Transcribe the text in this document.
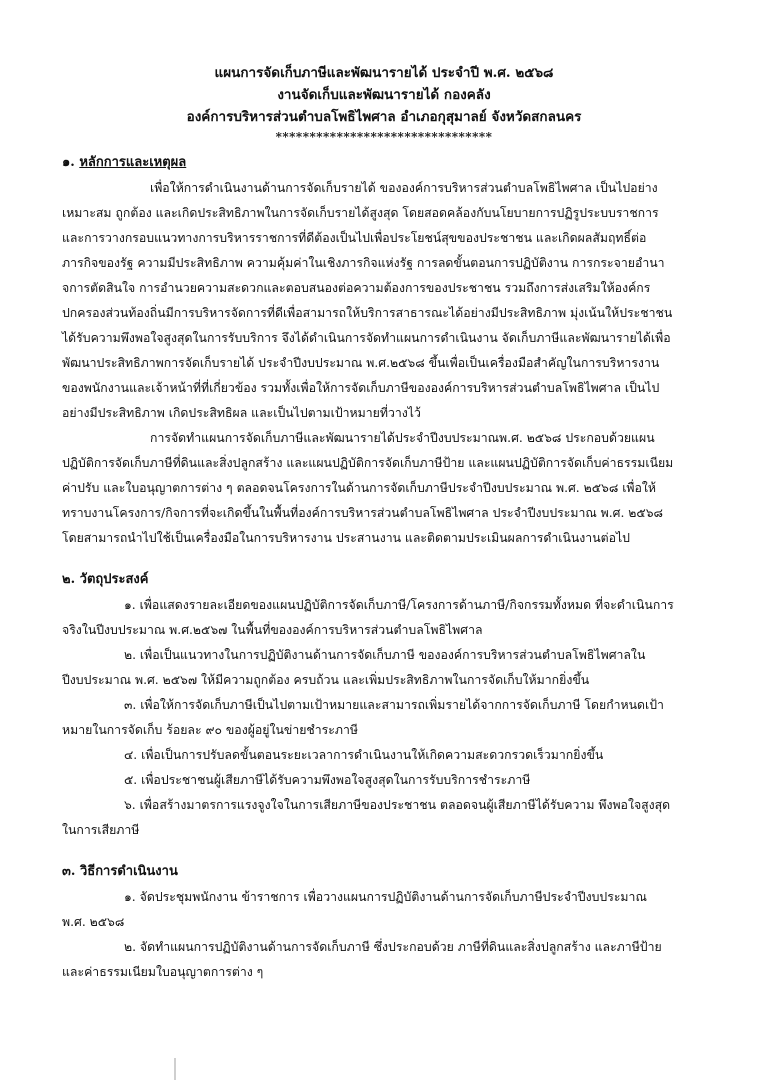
แผนการจัดเก็บภาษีและพัฒนารายได้ ประจำปี พ.ศ. ๒๕๖๘
งานจัดเก็บและพัฒนารายได้ กองคลัง
องค์การบริหารส่วนตำบลโพธิไพศาล อำเภอกุสุมาลย์ จังหวัดสกลนคร
********************************
๑. หลักการและเหตุผล

เพื่อให้การดำเนินงานด้านการจัดเก็บรายได้ ขององค์การบริหารส่วนตำบลโพธิไพศาล เป็นไปอย่างเหมาะสม ถูกต้อง และเกิดประสิทธิภาพในการจัดเก็บรายได้สูงสุด โดยสอดคล้องกับนโยบายการปฏิรูประบบราชการและการวางกรอบแนวทางการบริหารราชการที่ดีต้องเป็นไปเพื่อประโยชน์สุขของประชาชน และเกิดผลสัมฤทธิ์ต่อภารกิจของรัฐ ความมีประสิทธิภาพ ความคุ้มค่าในเชิงภารกิจแห่งรัฐ การลดขั้นตอนการปฏิบัติงาน การกระจายอำนาจการตัดสินใจ การอำนวยความสะดวกและตอบสนองต่อความต้องการของประชาชน รวมถึงการส่งเสริมให้องค์กรปกครองส่วนท้องถิ่นมีการบริหารจัดการที่ดีเพื่อสามารถให้บริการสาธารณะได้อย่างมีประสิทธิภาพ มุ่งเน้นให้ประชาชนได้รับความพึงพอใจสูงสุดในการรับบริการ จึงได้ดำเนินการจัดทำแผนการดำเนินงาน จัดเก็บภาษีและพัฒนารายได้เพื่อพัฒนาประสิทธิภาพการจัดเก็บรายได้ ประจำปีงบประมาณ พ.ศ.๒๕๖๘ ขึ้นเพื่อเป็นเครื่องมือสำคัญในการบริหารงานของพนักงานและเจ้าหน้าที่ที่เกี่ยวข้อง รวมทั้งเพื่อให้การจัดเก็บภาษีขององค์การบริหารส่วนตำบลโพธิไพศาล เป็นไปอย่างมีประสิทธิภาพ เกิดประสิทธิผล และเป็นไปตามเป้าหมายที่วางไว้

การจัดทำแผนการจัดเก็บภาษีและพัฒนารายได้ประจำปีงบประมาณพ.ศ. ๒๕๖๘ ประกอบด้วยแผนปฏิบัติการจัดเก็บภาษีที่ดินและสิ่งปลูกสร้าง และแผนปฏิบัติการจัดเก็บภาษีป้าย และแผนปฏิบัติการจัดเก็บค่าธรรมเนียม ค่าปรับ และใบอนุญาตการต่าง ๆ ตลอดจนโครงการในด้านการจัดเก็บภาษีประจำปีงบประมาณ พ.ศ. ๒๕๖๘ เพื่อให้ทราบงานโครงการ/กิจการที่จะเกิดขึ้นในพื้นที่องค์การบริหารส่วนตำบลโพธิไพศาล ประจำปีงบประมาณ พ.ศ. ๒๕๖๘ โดยสามารถนำไปใช้เป็นเครื่องมือในการบริหารงาน ประสานงาน และติดตามประเมินผลการดำเนินงานต่อไป

๒. วัตถุประสงค์

๑. เพื่อแสดงรายละเอียดของแผนปฏิบัติการจัดเก็บภาษี/โครงการด้านภาษี/กิจกรรมทั้งหมด ที่จะดำเนินการจริงในปีงบประมาณ พ.ศ.๒๕๖๗ ในพื้นที่ขององค์การบริหารส่วนตำบลโพธิไพศาล

๒. เพื่อเป็นแนวทางในการปฏิบัติงานด้านการจัดเก็บภาษี ขององค์การบริหารส่วนตำบลโพธิไพศาลในปีงบประมาณ พ.ศ. ๒๕๖๗ ให้มีความถูกต้อง ครบถ้วน และเพิ่มประสิทธิภาพในการจัดเก็บให้มากยิ่งขึ้น

๓. เพื่อให้การจัดเก็บภาษีเป็นไปตามเป้าหมายและสามารถเพิ่มรายได้จากการจัดเก็บภาษี โดยกำหนดเป้าหมายในการจัดเก็บ ร้อยละ ๙๐ ของผู้อยู่ในข่ายชำระภาษี

๔. เพื่อเป็นการปรับลดขั้นตอนระยะเวลาการดำเนินงานให้เกิดความสะดวกรวดเร็วมากยิ่งขึ้น

๕. เพื่อประชาชนผู้เสียภาษีได้รับความพึงพอใจสูงสุดในการรับบริการชำระภาษี

๖. เพื่อสร้างมาตรการแรงจูงใจในการเสียภาษีของประชาชน ตลอดจนผู้เสียภาษีได้รับความ พึงพอใจสูงสุดในการเสียภาษี

๓. วิธีการดำเนินงาน

๑. จัดประชุมพนักงาน ข้าราชการ เพื่อวางแผนการปฏิบัติงานด้านการจัดเก็บภาษีประจำปีงบประมาณ พ.ศ. ๒๕๖๘

๒. จัดทำแผนการปฏิบัติงานด้านการจัดเก็บภาษี ซึ่งประกอบด้วย ภาษีที่ดินและสิ่งปลูกสร้าง และภาษีป้าย และค่าธรรมเนียมใบอนุญาตการต่าง ๆ
